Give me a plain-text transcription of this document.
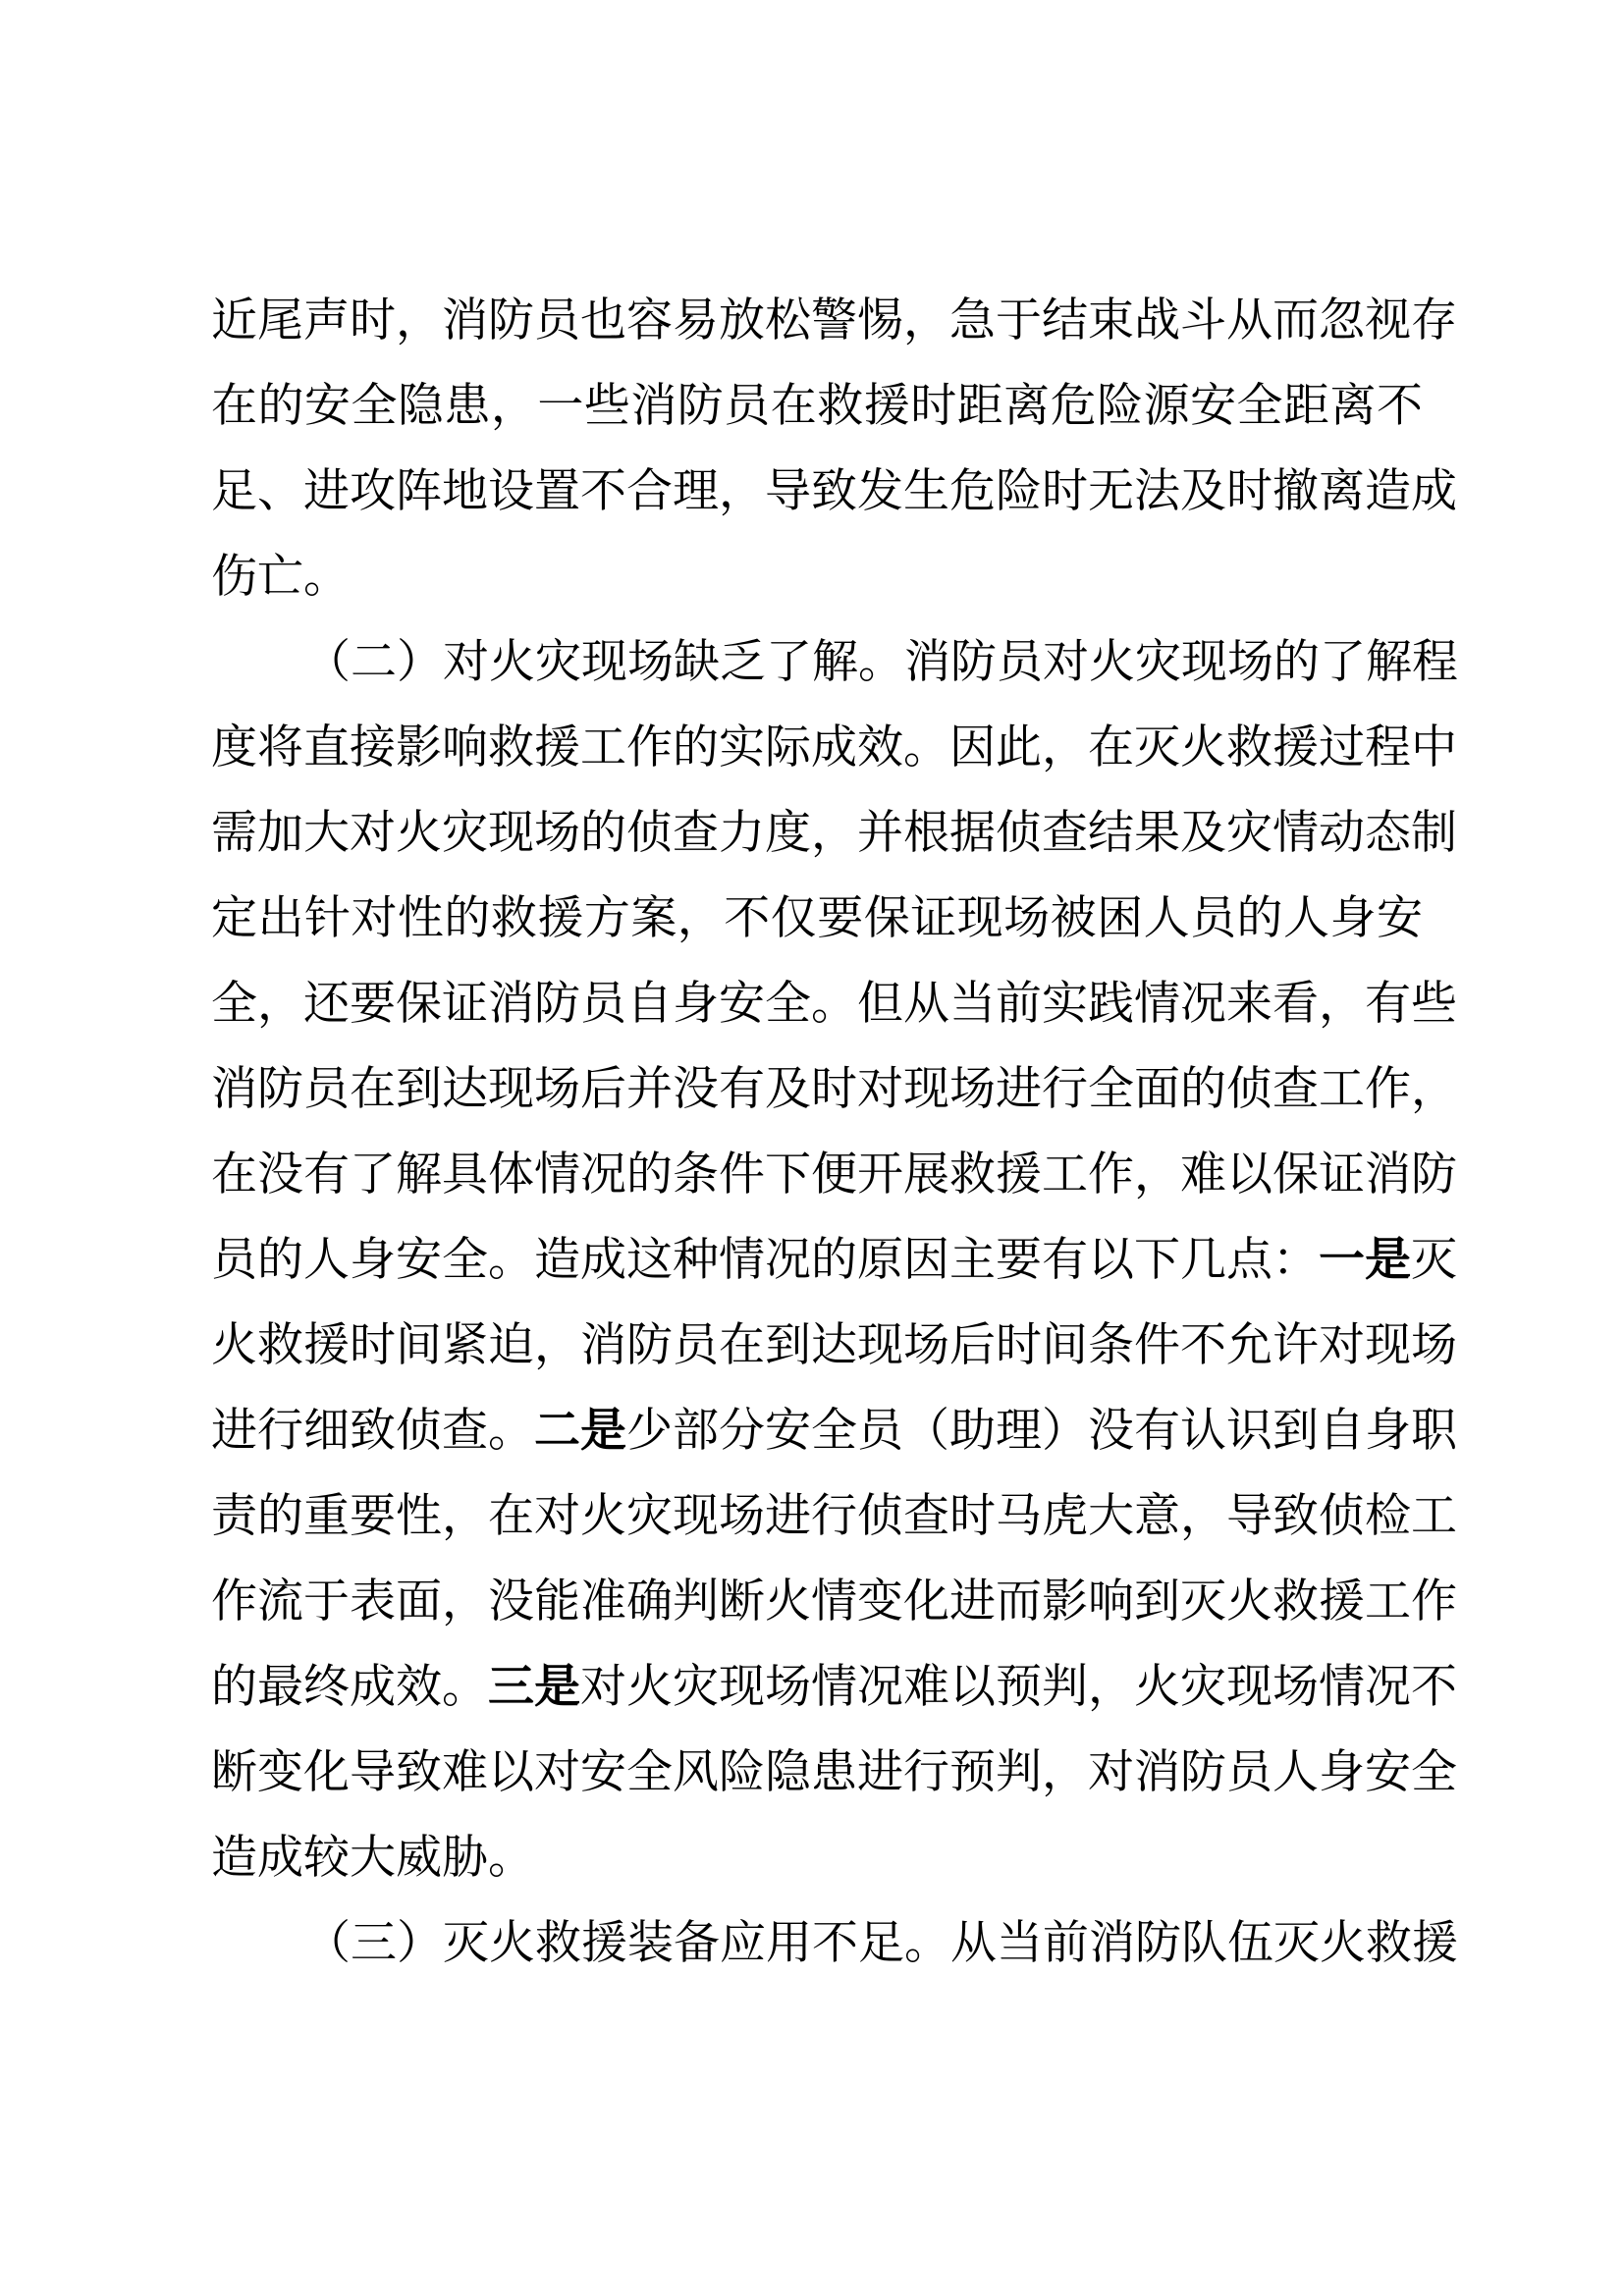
近尾声时，消防员也容易放松警惕，急于结束战斗从而忽视存
在的安全隐患，一些消防员在救援时距离危险源安全距离不
足、进攻阵地设置不合理，导致发生危险时无法及时撤离造成
伤亡。
（二）对火灾现场缺乏了解。消防员对火灾现场的了解程
度将直接影响救援工作的实际成效。因此，在灭火救援过程中
需加大对火灾现场的侦查力度，并根据侦查结果及灾情动态制
定出针对性的救援方案，不仅要保证现场被困人员的人身安
全，还要保证消防员自身安全。但从当前实践情况来看，有些
消防员在到达现场后并没有及时对现场进行全面的侦查工作，
在没有了解具体情况的条件下便开展救援工作，难以保证消防
员的人身安全。造成这种情况的原因主要有以下几点：一是灭
火救援时间紧迫，消防员在到达现场后时间条件不允许对现场
进行细致侦查。二是少部分安全员（助理）没有认识到自身职
责的重要性，在对火灾现场进行侦查时马虎大意，导致侦检工
作流于表面，没能准确判断火情变化进而影响到灭火救援工作
的最终成效。三是对火灾现场情况难以预判，火灾现场情况不
断变化导致难以对安全风险隐患进行预判，对消防员人身安全
造成较大威胁。
（三）灭火救援装备应用不足。从当前消防队伍灭火救援
